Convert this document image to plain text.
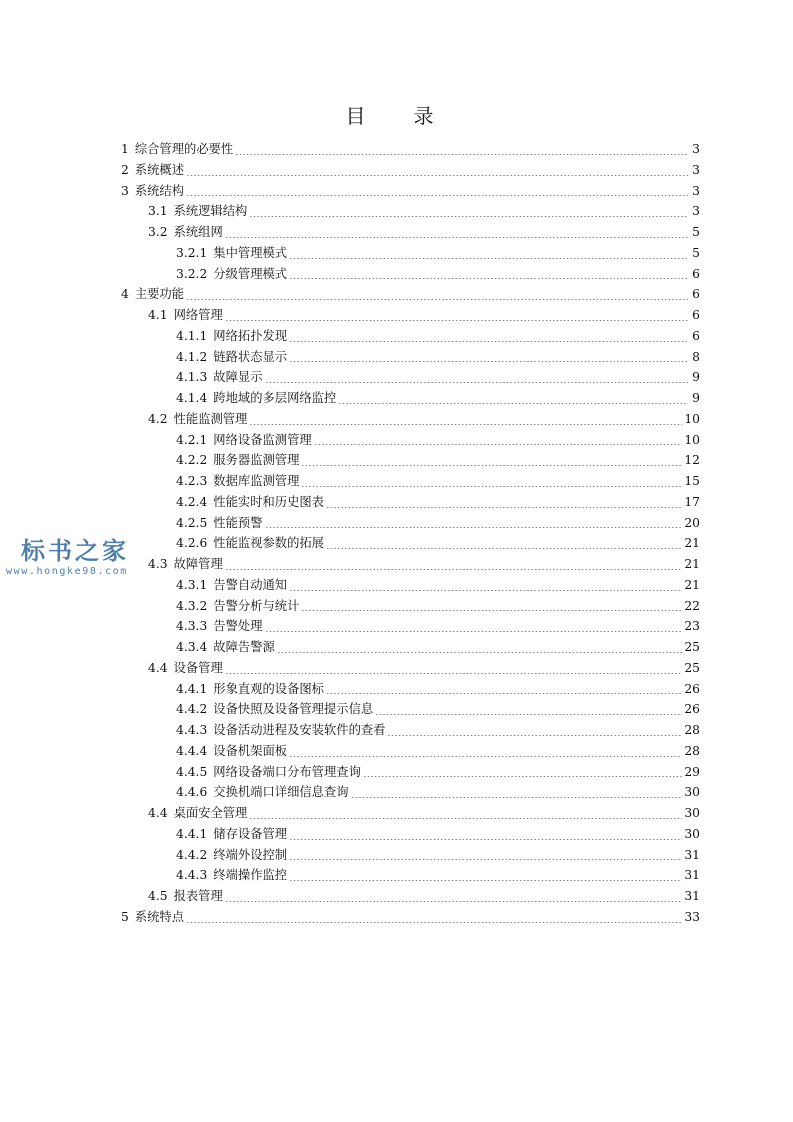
目　录
1 综合管理的必要性	3
2 系统概述	3
3 系统结构	3
3.1 系统逻辑结构	3
3.2 系统组网	5
3.2.1 集中管理模式	5
3.2.2 分级管理模式	6
4 主要功能	6
4.1 网络管理	6
4.1.1 网络拓扑发现	6
4.1.2 链路状态显示	8
4.1.3 故障显示	9
4.1.4 跨地域的多层网络监控	9
4.2 性能监测管理	10
4.2.1 网络设备监测管理	10
4.2.2 服务器监测管理	12
4.2.3 数据库监测管理	15
4.2.4 性能实时和历史图表	17
4.2.5 性能预警	20
4.2.6 性能监视参数的拓展	21
4.3 故障管理	21
4.3.1 告警自动通知	21
4.3.2 告警分析与统计	22
4.3.3 告警处理	23
4.3.4 故障告警源	25
4.4 设备管理	25
4.4.1 形象直观的设备图标	26
4.4.2 设备快照及设备管理提示信息	26
4.4.3 设备活动进程及安装软件的查看	28
4.4.4 设备机架面板	28
4.4.5 网络设备端口分布管理查询	29
4.4.6 交换机端口详细信息查询	30
4.4 桌面安全管理	30
4.4.1 储存设备管理	30
4.4.2 终端外设控制	31
4.4.3 终端操作监控	31
4.5 报表管理	31
5 系统特点	33
标书之家
www.hongke98.com
